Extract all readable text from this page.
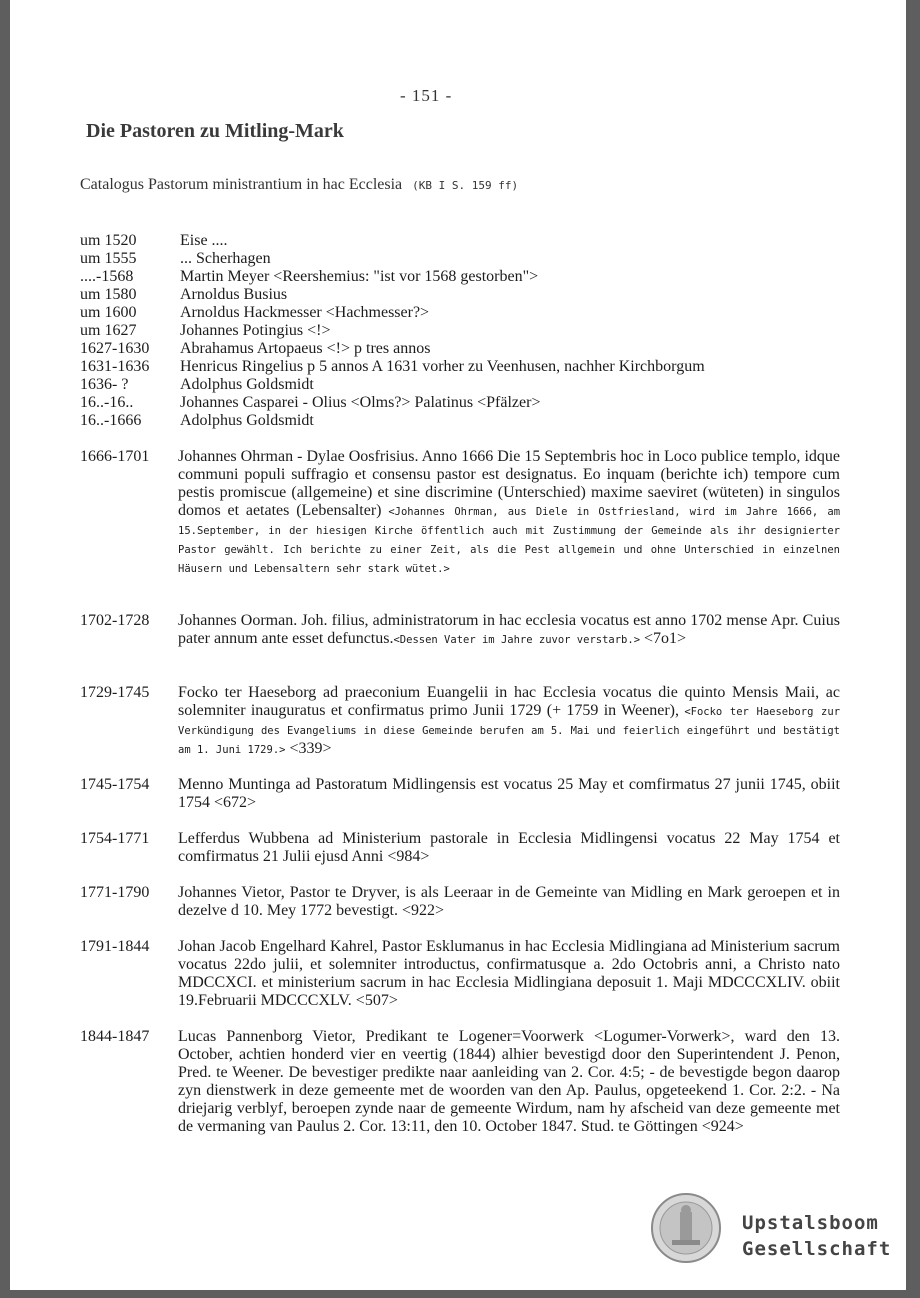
- 151 -
Die Pastoren zu Mitling-Mark
Catalogus Pastorum ministrantium in hac Ecclesia (KB I S. 159 ff)
um 1520	Eise ....
um 1555	... Scherhagen
....-1568	Martin Meyer <Reershemius: "ist vor 1568 gestorben">
um 1580	Arnoldus Busius
um 1600	Arnoldus Hackmesser <Hachmesser?>
um 1627	Johannes Potingius <!>
1627-1630	Abrahamus Artopaeus <!> p tres annos
1631-1636	Henricus Ringelius p 5 annos A 1631 vorher zu Veenhusen, nachher Kirchborgum
1636- ?	Adolphus Goldsmidt
16..-16..	Johannes Casparei - Olius <Olms?> Palatinus <Pfälzer>
16..-1666	Adolphus Goldsmidt
1666-1701	Johannes Ohrman - Dylae Oosfrisius. Anno 1666 Die 15 Septembris hoc in Loco publice templo, idque communi populi suffragio et consensu pastor est designatus. Eo inquam (berichte ich) tempore cum pestis promiscue (allgemeine) et sine discrimine (Unterschied) maxime saeviret (wüteten) in singulos domos et aetates (Lebensalter) <Johannes Ohrman, aus Diele in Ostfriesland, wird im Jahre 1666, am 15.September, in der hiesigen Kirche öffentlich auch mit Zustimmung der Gemeinde als ihr designierter Pastor gewählt. Ich berichte zu einer Zeit, als die Pest allgemein und ohne Unterschied in einzelnen Häusern und Lebensaltern sehr stark wütet.>
1702-1728	Johannes Oorman. Joh. filius, administratorum in hac ecclesia vocatus est anno 1702 mense Apr. Cuius pater annum ante esset defunctus.<Dessen Vater im Jahre zuvor verstarb.> <7o1>
1729-1745	Focko ter Haeseborg ad praeconium Euangelii in hac Ecclesia vocatus die quinto Mensis Maii, ac solemniter inauguratus et confirmatus primo Junii 1729 (+ 1759 in Weener), <Focko ter Haeseborg zur Verkündigung des Evangeliums in diese Gemeinde berufen am 5. Mai und feierlich eingeführt und bestätigt am 1. Juni 1729.> <339>
1745-1754	Menno Muntinga ad Pastoratum Midlingensis est vocatus 25 May et comfirmatus 27 junii 1745, obiit 1754 <672>
1754-1771	Lefferdus Wubbena ad Ministerium pastorale in Ecclesia Midlingensi vocatus 22 May 1754 et comfirmatus 21 Julii ejusd Anni <984>
1771-1790	Johannes Vietor, Pastor te Dryver, is als Leeraar in de Gemeinte van Midling en Mark geroepen et in dezelve d 10. Mey 1772 bevestigt. <922>
1791-1844	Johan Jacob Engelhard Kahrel, Pastor Esklumanus in hac Ecclesia Midlingiana ad Ministerium sacrum vocatus 22do julii, et solemniter introductus, confirmatusque a. 2do Octobris anni, a Christo nato MDCCXCI. et ministerium sacrum in hac Ecclesia Midlingiana deposuit 1. Maji MDCCCXLIV. obiit 19.Februarii MDCCCXLV. <507>
1844-1847	Lucas Pannenborg Vietor, Predikant te Logener=Voorwerk <Logumer-Vorwerk>, ward den 13. October, achtien honderd vier en veertig (1844) alhier bevestigd door den Superintendent J. Penon, Pred. te Weener. De bevestiger predikte naar aanleiding van 2. Cor. 4:5; - de bevestigde begon daarop zyn dienstwerk in deze gemeente met de woorden van den Ap. Paulus, opgeteekend 1. Cor. 2:2. - Na driejarig verblyf, beroepen zynde naar de gemeente Wirdum, nam hy afscheid van deze gemeente met de vermaning van Paulus 2. Cor. 13:11, den 10. October 1847. Stud. te Göttingen <924>
Upstalsboom
Gesellschaft
